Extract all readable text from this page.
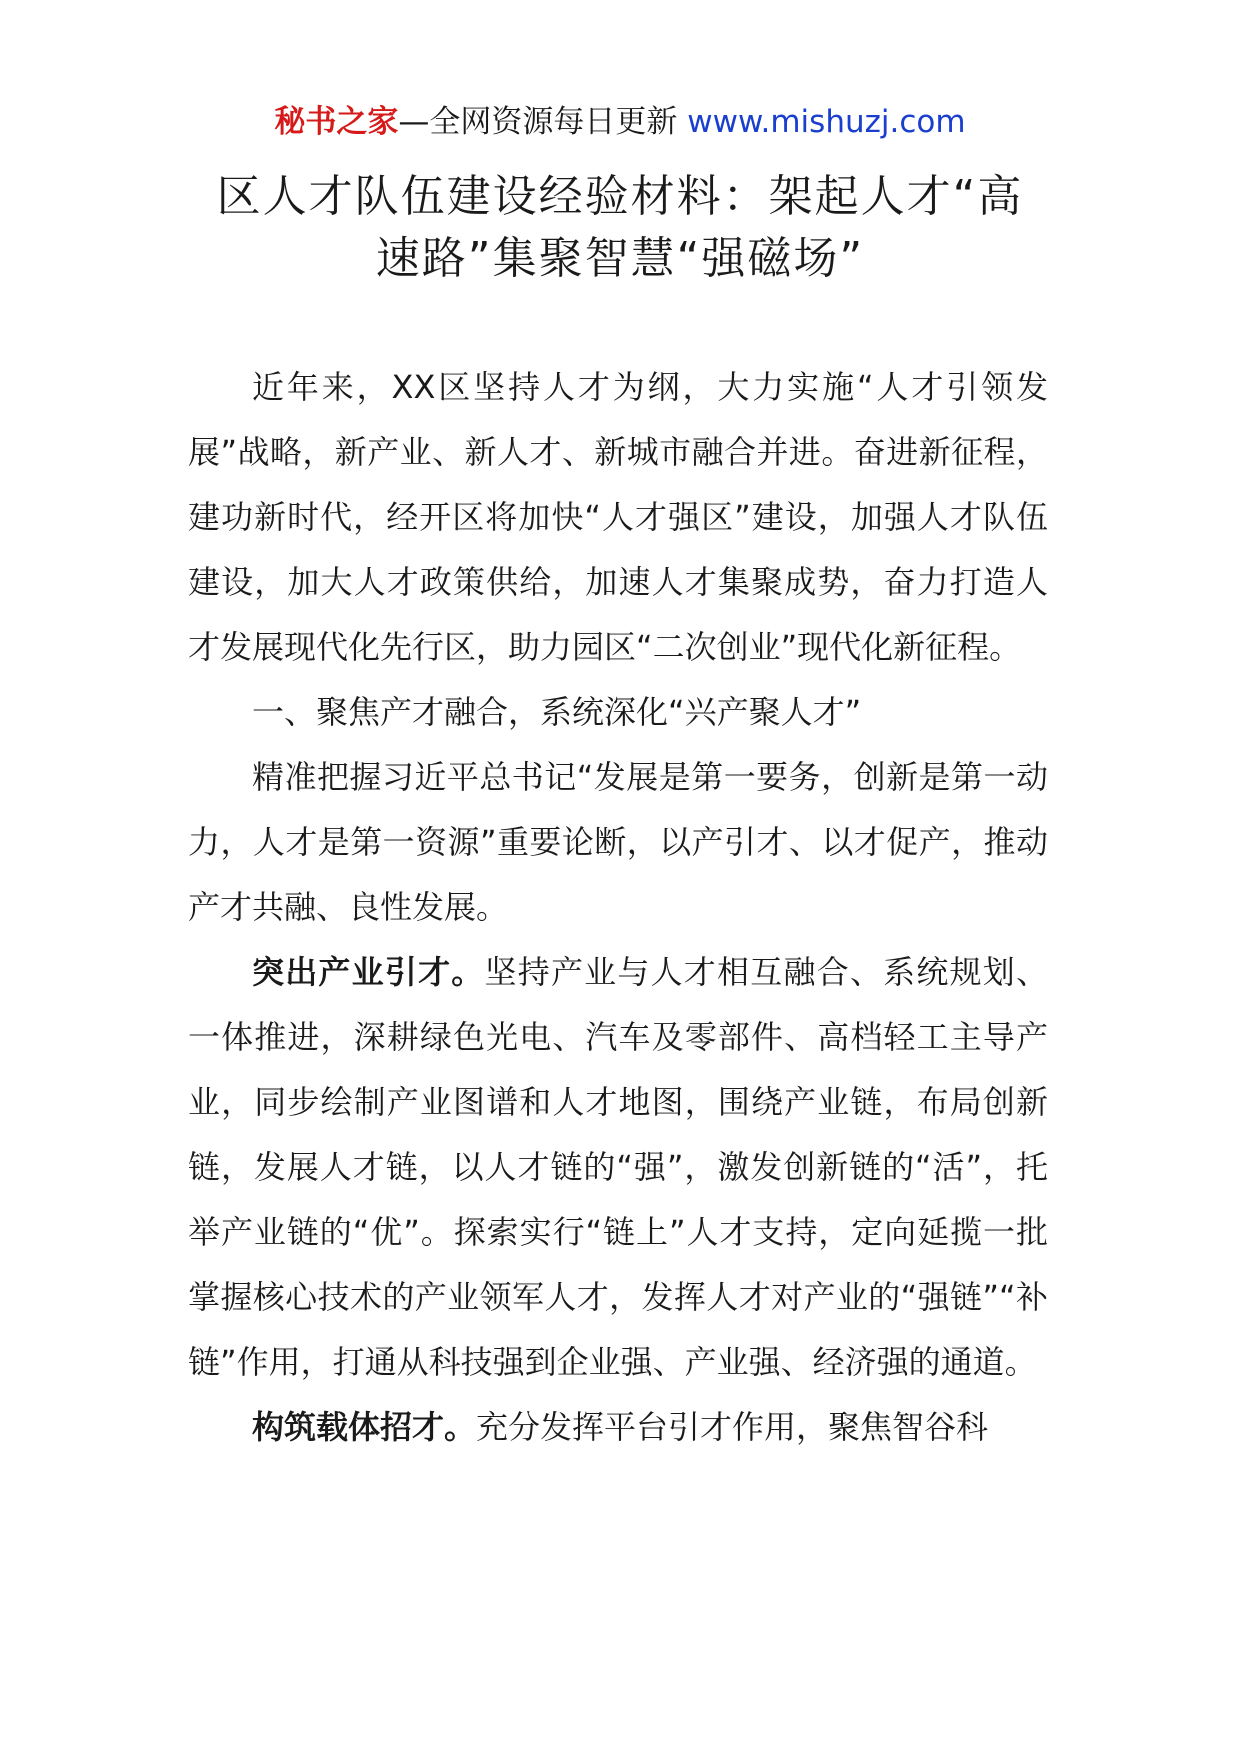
秘书之家—全网资源每日更新 www.mishuzj.com
区人才队伍建设经验材料：架起人才“高
速路”集聚智慧“强磁场”

近年来，XX区坚持人才为纲，大力实施“人才引领发展”战略，新产业、新人才、新城市融合并进。奋进新征程，建功新时代，经开区将加快“人才强区”建设，加强人才队伍建设，加大人才政策供给，加速人才集聚成势，奋力打造人才发展现代化先行区，助力园区“二次创业”现代化新征程。

一、聚焦产才融合，系统深化“兴产聚人才”

精准把握习近平总书记“发展是第一要务，创新是第一动力，人才是第一资源”重要论断，以产引才、以才促产，推动产才共融、良性发展。

突出产业引才。坚持产业与人才相互融合、系统规划、一体推进，深耕绿色光电、汽车及零部件、高档轻工主导产业，同步绘制产业图谱和人才地图，围绕产业链，布局创新链，发展人才链，以人才链的“强”，激发创新链的“活”，托举产业链的“优”。探索实行“链上”人才支持，定向延揽一批掌握核心技术的产业领军人才，发挥人才对产业的“强链”“补链”作用，打通从科技强到企业强、产业强、经济强的通道。

构筑载体招才。充分发挥平台引才作用，聚焦智谷科
